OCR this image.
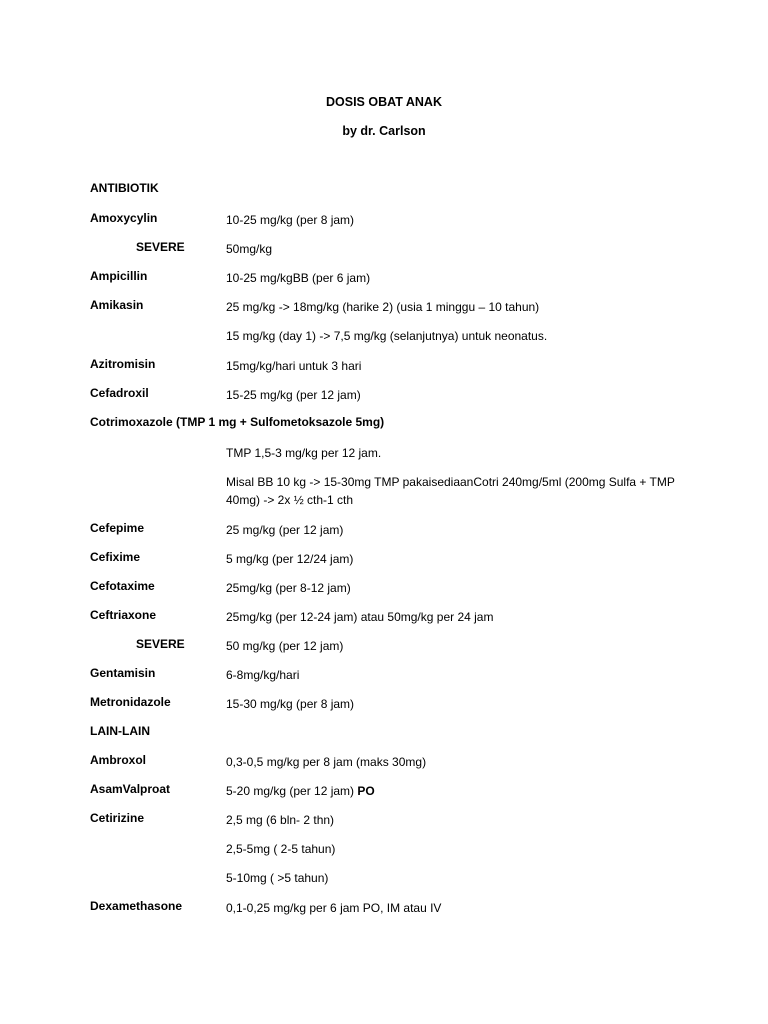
DOSIS OBAT ANAK
by dr. Carlson
ANTIBIOTIK
Amoxycylin	10-25 mg/kg (per 8 jam)
SEVERE	50mg/kg
Ampicillin	10-25 mg/kgBB (per 6 jam)
Amikasin	25 mg/kg -> 18mg/kg (harike 2) (usia 1 minggu – 10 tahun)
15 mg/kg (day 1) -> 7,5 mg/kg (selanjutnya) untuk neonatus.
Azitromisin	15mg/kg/hari untuk 3 hari
Cefadroxil	15-25 mg/kg (per 12 jam)
Cotrimoxazole (TMP 1 mg + Sulfometoksazole 5mg)
TMP 1,5-3 mg/kg per 12 jam.
Misal BB 10 kg -> 15-30mg TMP pakaisediaanCotri 240mg/5ml (200mg Sulfa + TMP 40mg) -> 2x ½ cth-1 cth
Cefepime	25 mg/kg (per 12 jam)
Cefixime	5 mg/kg (per 12/24 jam)
Cefotaxime	25mg/kg (per 8-12 jam)
Ceftriaxone	25mg/kg (per 12-24 jam) atau 50mg/kg per 24 jam
SEVERE	50 mg/kg (per 12 jam)
Gentamisin	6-8mg/kg/hari
Metronidazole	15-30 mg/kg (per 8 jam)
LAIN-LAIN
Ambroxol	0,3-0,5 mg/kg per 8 jam (maks 30mg)
AsamValproat	5-20 mg/kg (per 12 jam) PO
Cetirizine	2,5 mg (6 bln- 2 thn)
2,5-5mg ( 2-5 tahun)
5-10mg ( >5 tahun)
Dexamethasone	0,1-0,25 mg/kg per 6 jam PO, IM atau IV
